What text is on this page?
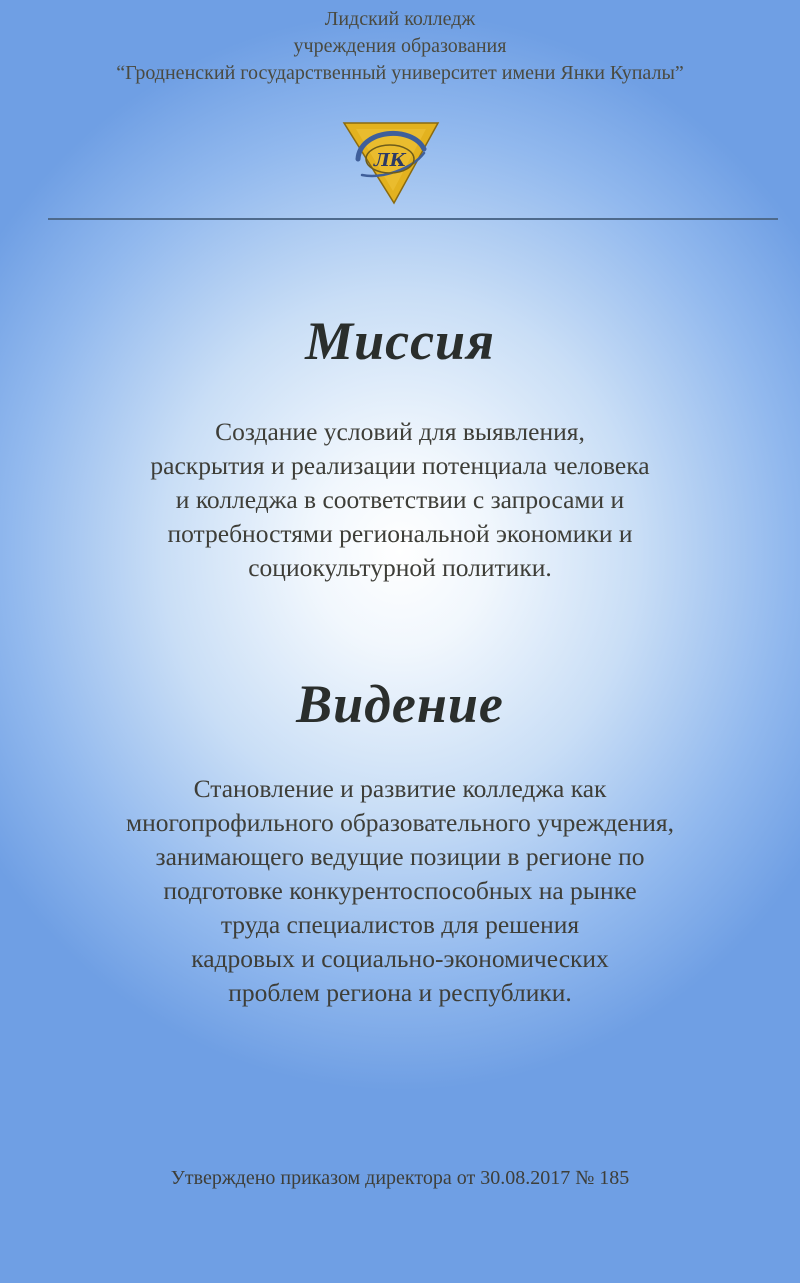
Лидский колледж
учреждения образования
“Гродненский государственный университет имени Янки Купалы”
ЛК
Миссия
Создание условий для выявления,
раскрытия и реализации потенциала человека
и колледжа в соответствии с запросами и
потребностями региональной экономики и
социокультурной политики.
Видение
Становление и развитие колледжа как
многопрофильного образовательного учреждения,
занимающего ведущие позиции в регионе по
подготовке конкурентоспособных на рынке
труда специалистов для решения
кадровых и социально-экономических
проблем региона и республики.
Утверждено приказом директора от 30.08.2017 № 185
